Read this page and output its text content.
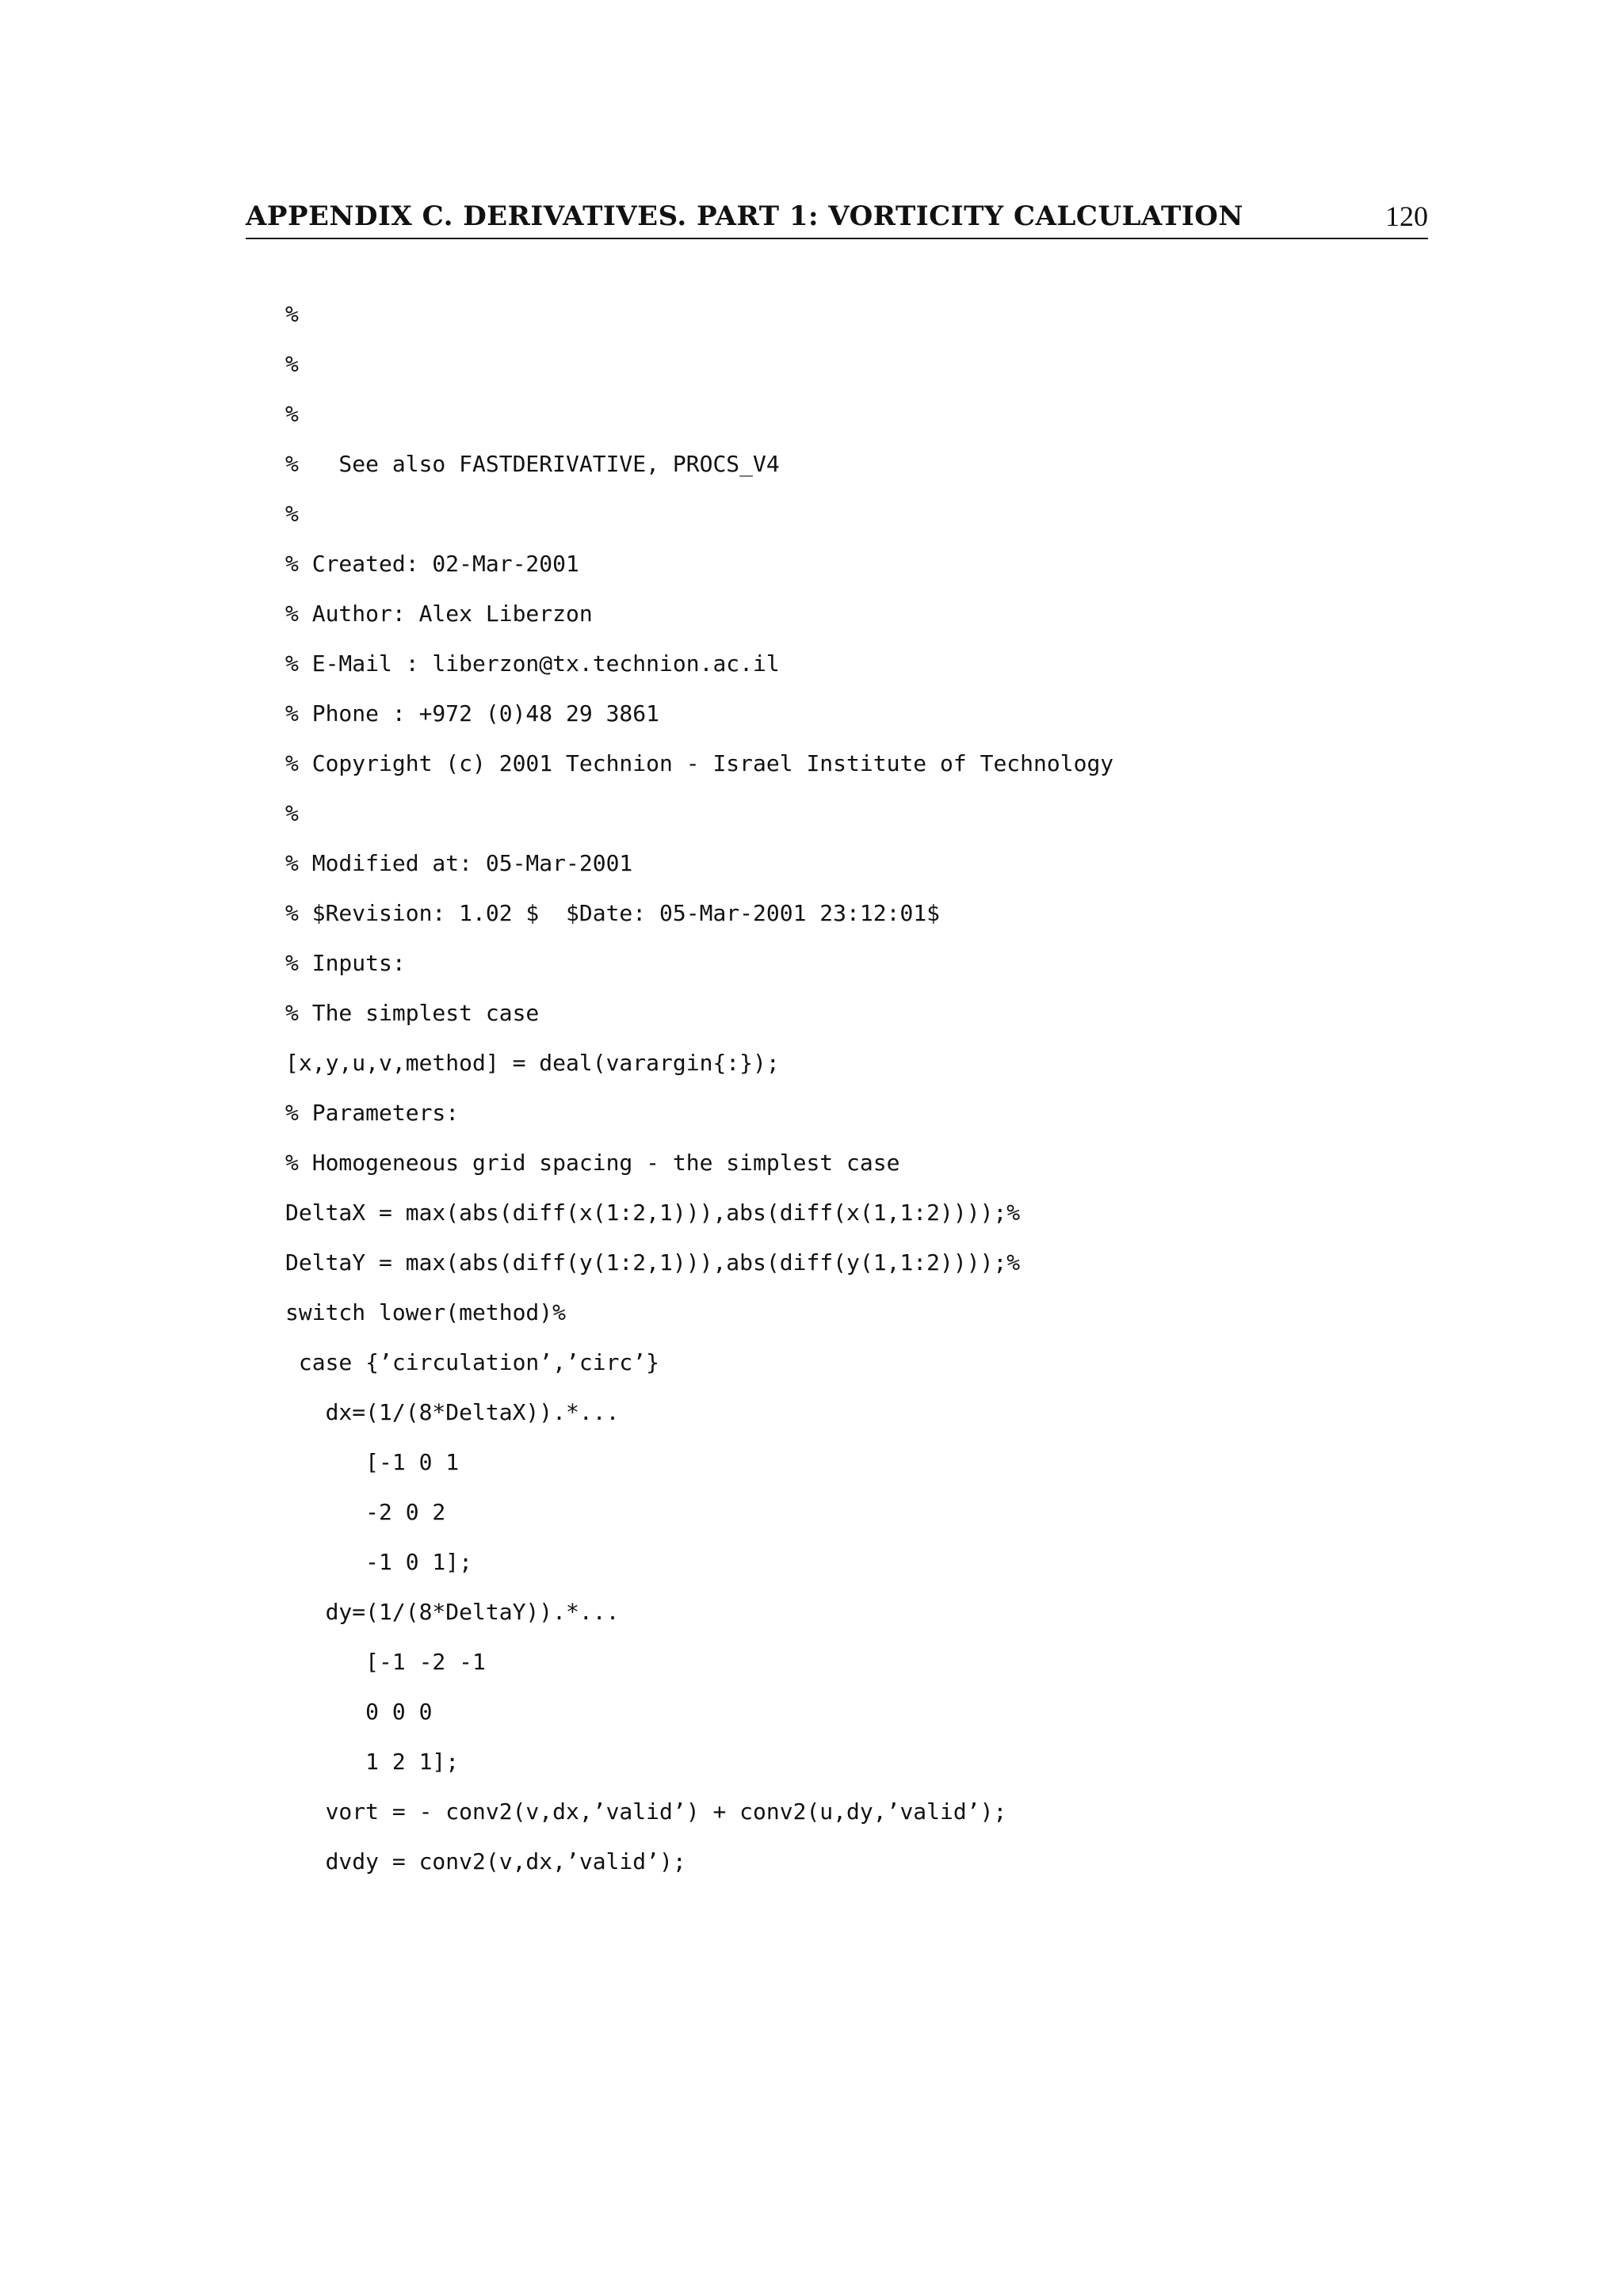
APPENDIX C. DERIVATIVES. PART 1: VORTICITY CALCULATION	120
%
%
%
%   See also FASTDERIVATIVE, PROCS_V4
%
% Created: 02-Mar-2001
% Author: Alex Liberzon
% E-Mail : liberzon@tx.technion.ac.il
% Phone : +972 (0)48 29 3861
% Copyright (c) 2001 Technion - Israel Institute of Technology
%
% Modified at: 05-Mar-2001
% $Revision: 1.02 $  $Date: 05-Mar-2001 23:12:01$
% Inputs:
% The simplest case
[x,y,u,v,method] = deal(varargin{:});
% Parameters:
% Homogeneous grid spacing - the simplest case
DeltaX = max(abs(diff(x(1:2,1))),abs(diff(x(1,1:2))));%
DeltaY = max(abs(diff(y(1:2,1))),abs(diff(y(1,1:2))));%
switch lower(method)%
case {’circulation’,’circ’}
dx=(1/(8*DeltaX)).*...
[-1 0 1
-2 0 2
-1 0 1];
dy=(1/(8*DeltaY)).*...
[-1 -2 -1
0 0 0
1 2 1];
vort = - conv2(v,dx,’valid’) + conv2(u,dy,’valid’);
dvdy = conv2(v,dx,’valid’);
